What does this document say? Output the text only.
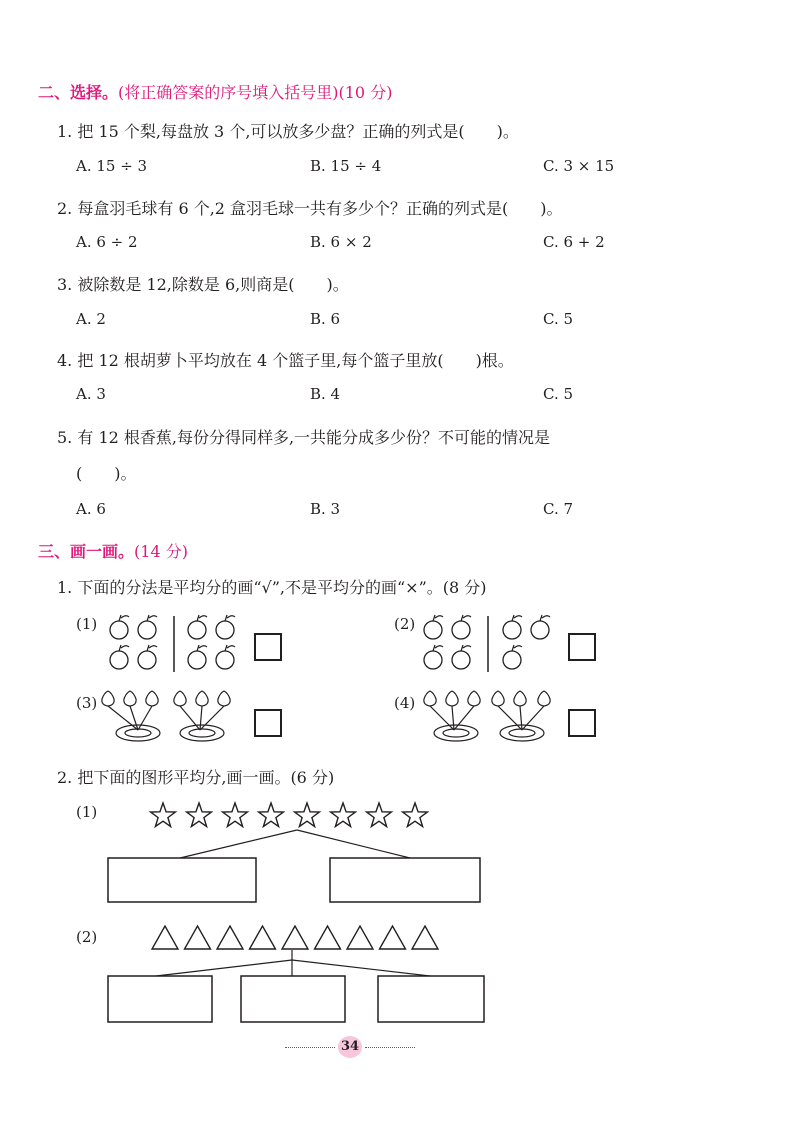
二、选择。(将正确答案的序号填入括号里)(10 分)
1. 把 15 个梨,每盘放 3 个,可以放多少盘？正确的列式是(　　)。
A. 15 ÷ 3	B. 15 ÷ 4	C. 3 × 15
2. 每盒羽毛球有 6 个,2 盒羽毛球一共有多少个？正确的列式是(　　)。
A. 6 ÷ 2	B. 6 × 2	C. 6 + 2
3. 被除数是 12,除数是 6,则商是(　　)。
A. 2	B. 6	C. 5
4. 把 12 根胡萝卜平均放在 4 个篮子里,每个篮子里放(　　)根。
A. 3	B. 4	C. 5
5. 有 12 根香蕉,每份分得同样多,一共能分成多少份？不可能的情况是
(　　)。
A. 6	B. 3	C. 7
三、画一画。(14 分)
1. 下面的分法是平均分的画“√”,不是平均分的画“×”。(8 分)
(1)	(2)
(3)	(4)
2. 把下面的图形平均分,画一画。(6 分)
(1)
(2)
34
